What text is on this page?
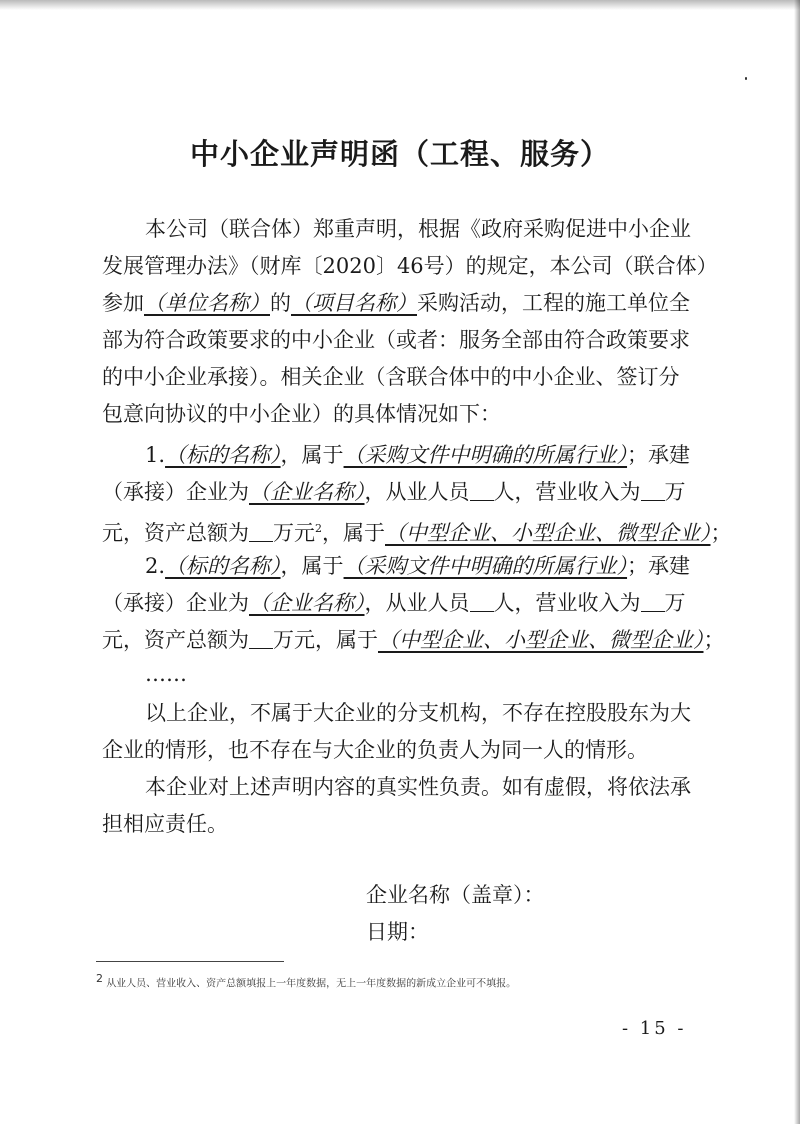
中小企业声明函（工程、服务）
本公司（联合体）郑重声明，根据《政府采购促进中小企业
发展管理办法》（财库〔2020〕46号）的规定，本公司（联合体）
参加（单位名称）的（项目名称）采购活动，工程的施工单位全
部为符合政策要求的中小企业（或者：服务全部由符合政策要求
的中小企业承接）。相关企业（含联合体中的中小企业、签订分
包意向协议的中小企业）的具体情况如下：
1.（标的名称），属于（采购文件中明确的所属行业）；承建
（承接）企业为（企业名称），从业人员 人，营业收入为 万
元，资产总额为 万元$^2$，属于（中型企业、小型企业、微型企业）；
2.（标的名称），属于（采购文件中明确的所属行业）；承建
（承接）企业为（企业名称），从业人员 人，营业收入为 万
元，资产总额为 万元，属于（中型企业、小型企业、微型企业）；
……
以上企业，不属于大企业的分支机构，不存在控股股东为大
企业的情形，也不存在与大企业的负责人为同一人的情形。
本企业对上述声明内容的真实性负责。如有虚假，将依法承
担相应责任。
企业名称（盖章）：
日期：
$^2$ 从业人员、营业收入、资产总额填报上一年度数据，无上一年度数据的新成立企业可不填报。
- 15 -
